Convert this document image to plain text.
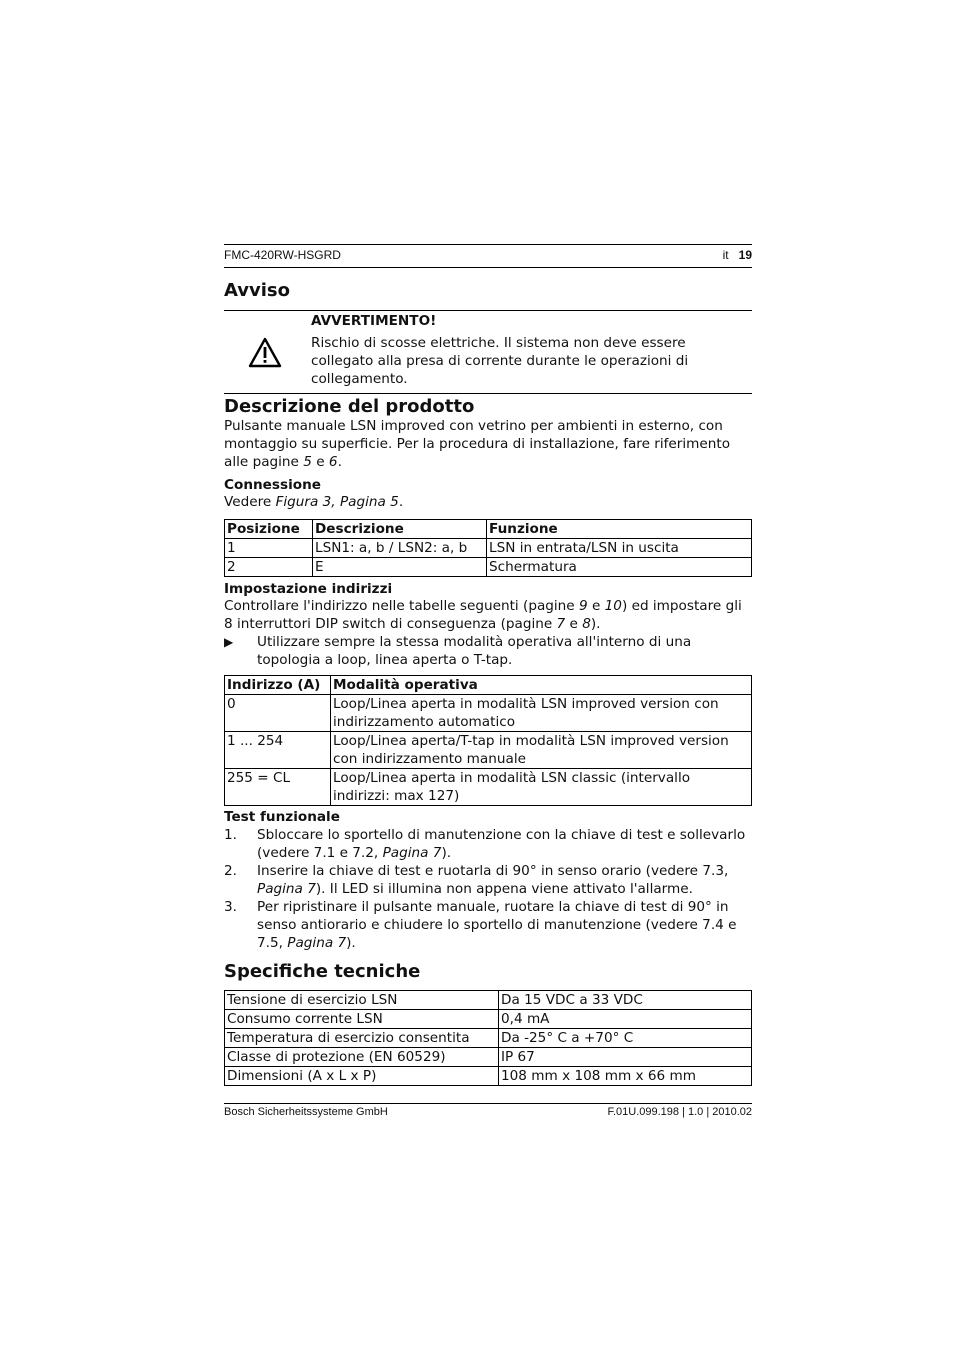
FMC-420RW-HSGRD	it 19
Avviso

AVVERTIMENTO!

Rischio di scosse elettriche. Il sistema non deve essere

collegato alla presa di corrente durante le operazioni di

collegamento.

Descrizione del prodotto

Pulsante manuale LSN improved con vetrino per ambienti in esterno, con

montaggio su superficie. Per la procedura di installazione, fare riferimento

alle pagine 5 e 6.

Connessione

Vedere Figura 3, Pagina 5.

Posizione	Descrizione	Funzione
1	LSN1: a, b / LSN2: a, b	LSN in entrata/LSN in uscita
2	E	Schermatura

Impostazione indirizzi

Controllare l'indirizzo nelle tabelle seguenti (pagine 9 e 10) ed impostare gli

8 interruttori DIP switch di conseguenza (pagine 7 e 8).

▶ Utilizzare sempre la stessa modalità operativa all'interno di una
topologia a loop, linea aperta o T-tap.
Indirizzo (A)	Modalità operativa
0	Loop/Linea aperta in modalità LSN improved version con
indirizzamento automatico
1 ... 254	Loop/Linea aperta/T-tap in modalità LSN improved version
con indirizzamento manuale
255 = CL	Loop/Linea aperta in modalità LSN classic (intervallo
indirizzi: max 127)

Test funzionale

1. Sbloccare lo sportello di manutenzione con la chiave di test e sollevarlo
(vedere 7.1 e 7.2, Pagina 7).
2. Inserire la chiave di test e ruotarla di 90° in senso orario (vedere 7.3,
Pagina 7). Il LED si illumina non appena viene attivato l'allarme.
3. Per ripristinare il pulsante manuale, ruotare la chiave di test di 90° in
senso antiorario e chiudere lo sportello di manutenzione (vedere 7.4 e
7.5, Pagina 7).
Specifiche tecniche
Tensione di esercizio LSN	Da 15 VDC a 33 VDC
Consumo corrente LSN	0,4 mA
Temperatura di esercizio consentita	Da -25° C a +70° C
Classe di protezione (EN 60529)	IP 67
Dimensioni (A x L x P)	108 mm x 108 mm x 66 mm
Bosch Sicherheitssysteme GmbH	F.01U.099.198 | 1.0 | 2010.02
